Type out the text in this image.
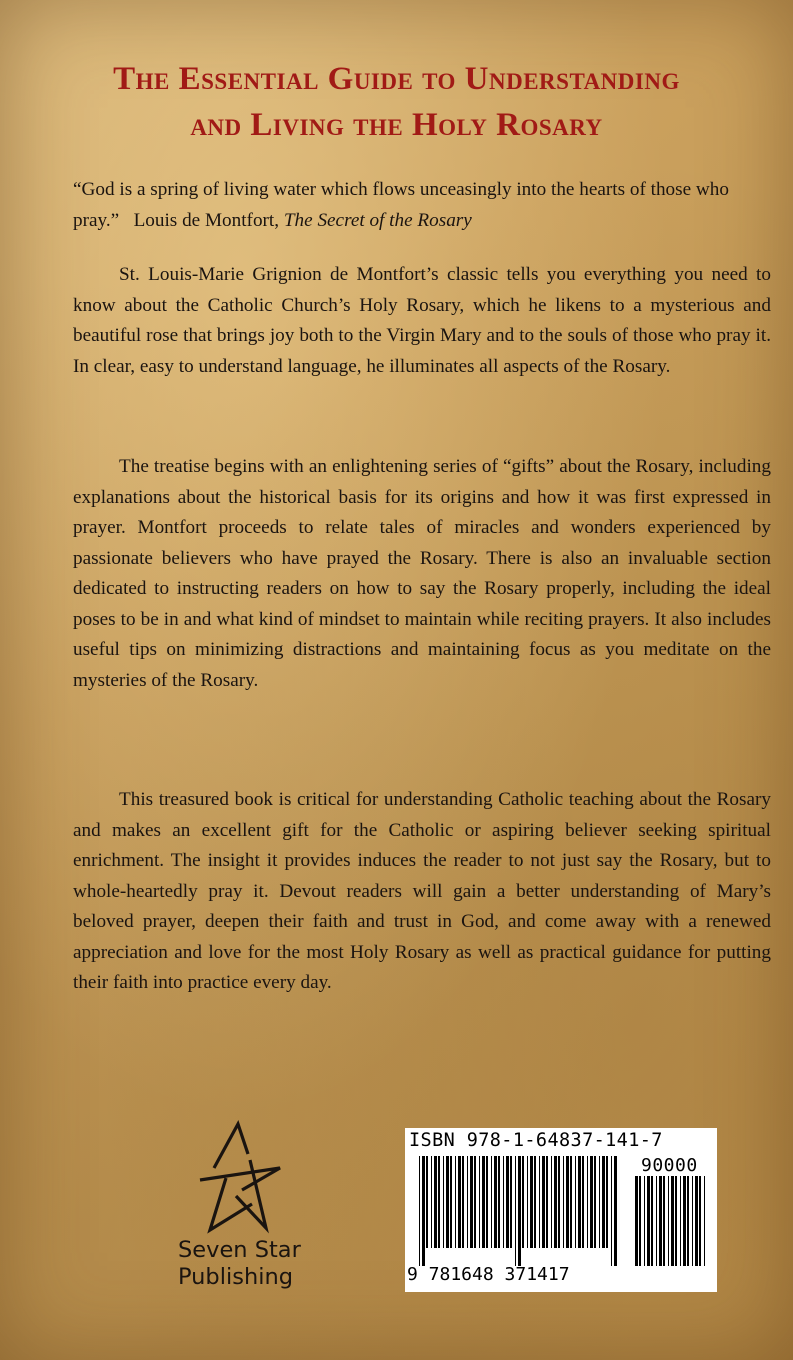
The Essential Guide to Understanding
and Living the Holy Rosary
“God is a spring of living water which flows unceasingly into the hearts of those who pray.” Louis de Montfort, The Secret of the Rosary

St. Louis-Marie Grignion de Montfort’s classic tells you everything you need to know about the Catholic Church’s Holy Rosary, which he likens to a mysterious and beautiful rose that brings joy both to the Virgin Mary and to the souls of those who pray it. In clear, easy to understand language, he illuminates all aspects of the Rosary.

The treatise begins with an enlightening series of “gifts” about the Rosary, including explanations about the historical basis for its origins and how it was first expressed in prayer. Montfort proceeds to relate tales of miracles and wonders experienced by passionate believers who have prayed the Rosary. There is also an invaluable section dedicated to instructing readers on how to say the Rosary properly, including the ideal poses to be in and what kind of mindset to maintain while reciting prayers. It also includes useful tips on minimizing distractions and maintaining focus as you meditate on the mysteries of the Rosary.

This treasured book is critical for understanding Catholic teaching about the Rosary and makes an excellent gift for the Catholic or aspiring believer seeking spiritual enrichment. The insight it provides induces the reader to not just say the Rosary, but to whole-heartedly pray it. Devout readers will gain a better understanding of Mary’s beloved prayer, deepen their faith and trust in God, and come away with a renewed appreciation and love for the most Holy Rosary as well as practical guidance for putting their faith into practice every day.

Seven Star
Publishing
ISBN 978-1-64837-141-7
90000
9 781648 371417
